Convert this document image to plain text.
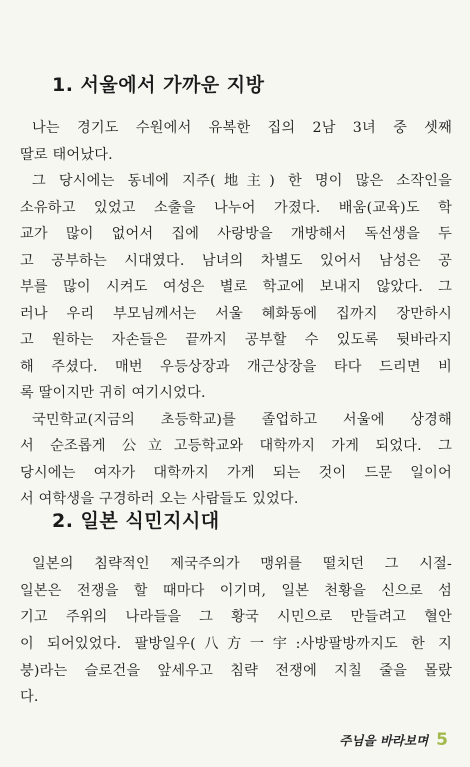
1. 서울에서 가까운 지방
나는 경기도 수원에서 유복한 집의 2남 3녀 중 셋째
딸로 태어났다.
그 당시에는 동네에 지주(地主) 한 명이 많은 소작인을
소유하고 있었고 소출을 나누어 가졌다. 배움(교육)도 학
교가 많이 없어서 집에 사랑방을 개방해서 독선생을 두
고 공부하는 시대였다. 남녀의 차별도 있어서 남성은 공
부를 많이 시켜도 여성은 별로 학교에 보내지 않았다. 그
러나 우리 부모님께서는 서울 혜화동에 집까지 장만하시
고 원하는 자손들은 끝까지 공부할 수 있도록 뒷바라지
해 주셨다. 매번 우등상장과 개근상장을 타다 드리면 비
록 딸이지만 귀히 여기시었다.
국민학교(지금의 초등학교)를 졸업하고 서울에 상경해
서 순조롭게 公立고등학교와 대학까지 가게 되었다. 그
당시에는 여자가 대학까지 가게 되는 것이 드문 일이어
서 여학생을 구경하러 오는 사람들도 있었다.
2. 일본 식민지시대
일본의 침략적인 제국주의가 맹위를 떨치던 그 시절-
일본은 전쟁을 할 때마다 이기며, 일본 천황을 신으로 섬
기고 주위의 나라들을 그 황국 시민으로 만들려고 혈안
이 되어있었다. 팔방일우(八方一宇:사방팔방까지도 한 지
붕)라는 슬로건을 앞세우고 침략 전쟁에 지칠 줄을 몰랐
다.
주님을 바라보며 5
